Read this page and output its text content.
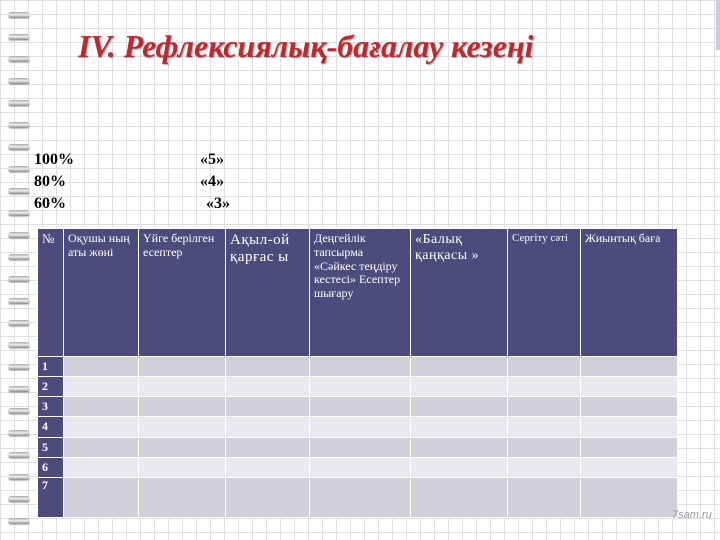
IV. Рефлексиялық-бағалау кезеңі
100%	«5»
80%	«4»
60%	«3»
№	Оқушы ның аты жөні	Үйге берілген есептер	Ақыл-ой қарғас ы	Деңгейлік тапсырма «Сәйкес теңдіру кестесі» Есептер шығару	«Балық қаңқасы »	Сергіту сәті	Жиынтық баға
1							
2							
3							
4							
5							
6							
7							
7sam.ru
